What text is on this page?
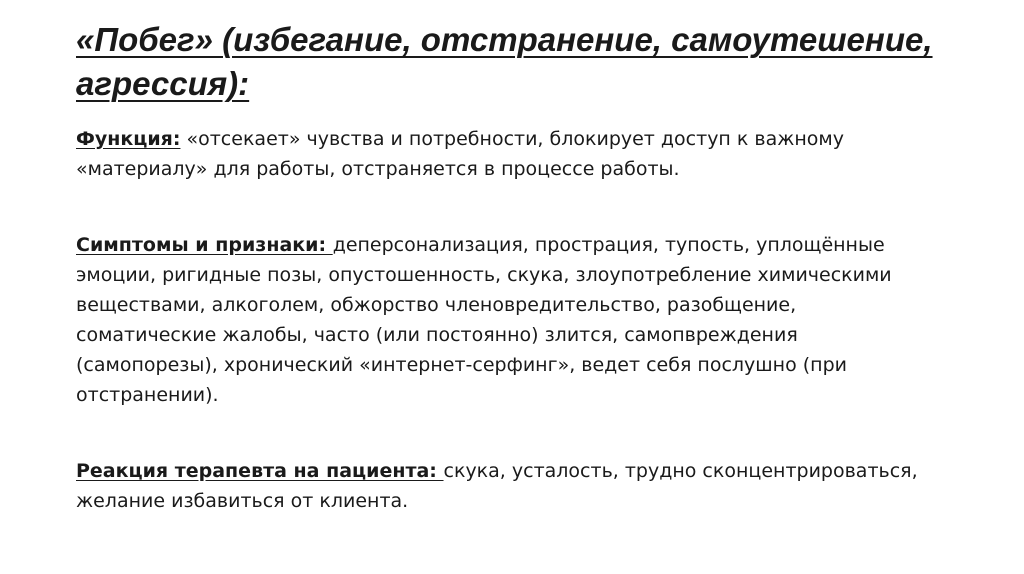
«Побег» (избегание, отстранение, самоутешение, агрессия):

Функция: «отсекает» чувства и потребности, блокирует доступ к важному «материалу» для работы, отстраняется в процессе работы.

Симптомы и признаки: деперсонализация, прострация, тупость, уплощённые эмоции, ригидные позы, опустошенность, скука, злоупотребление химическими веществами, алкоголем, обжорство членовредительство, разобщение, соматические жалобы, часто (или постоянно) злится, самопвреждения (самопорезы), хронический «интернет-серфинг», ведет себя послушно (при отстранении).

Реакция терапевта на пациента: скука, усталость, трудно сконцентрироваться, желание избавиться от клиента.
